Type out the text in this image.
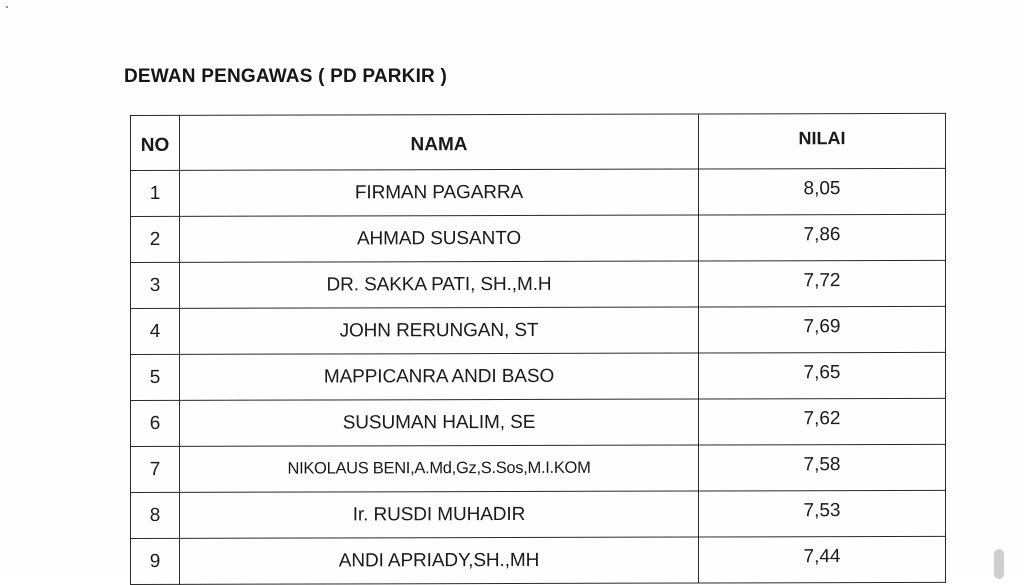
DEWAN PENGAWAS ( PD PARKIR )
NO	NAMA	NILAI
1	FIRMAN PAGARRA	8,05
2	AHMAD SUSANTO	7,86
3	DR. SAKKA PATI, SH.,M.H	7,72
4	JOHN RERUNGAN, ST	7,69
5	MAPPICANRA ANDI BASO	7,65
6	SUSUMAN HALIM, SE	7,62
7	NIKOLAUS BENI,A.Md,Gz,S.Sos,M.I.KOM	7,58
8	Ir. RUSDI MUHADIR	7,53
9	ANDI APRIADY,SH.,MH	7,44
